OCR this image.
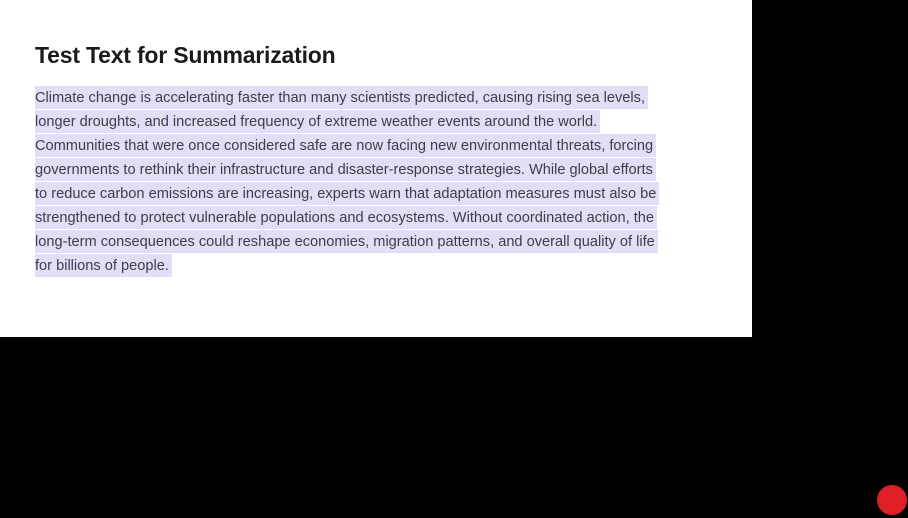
Test Text for Summarization
Climate change is accelerating faster than many scientists predicted, causing rising sea levels,
longer droughts, and increased frequency of extreme weather events around the world.
Communities that were once considered safe are now facing new environmental threats, forcing
governments to rethink their infrastructure and disaster-response strategies. While global efforts
to reduce carbon emissions are increasing, experts warn that adaptation measures must also be
strengthened to protect vulnerable populations and ecosystems. Without coordinated action, the
long-term consequences could reshape economies, migration patterns, and overall quality of life
for billions of people.
